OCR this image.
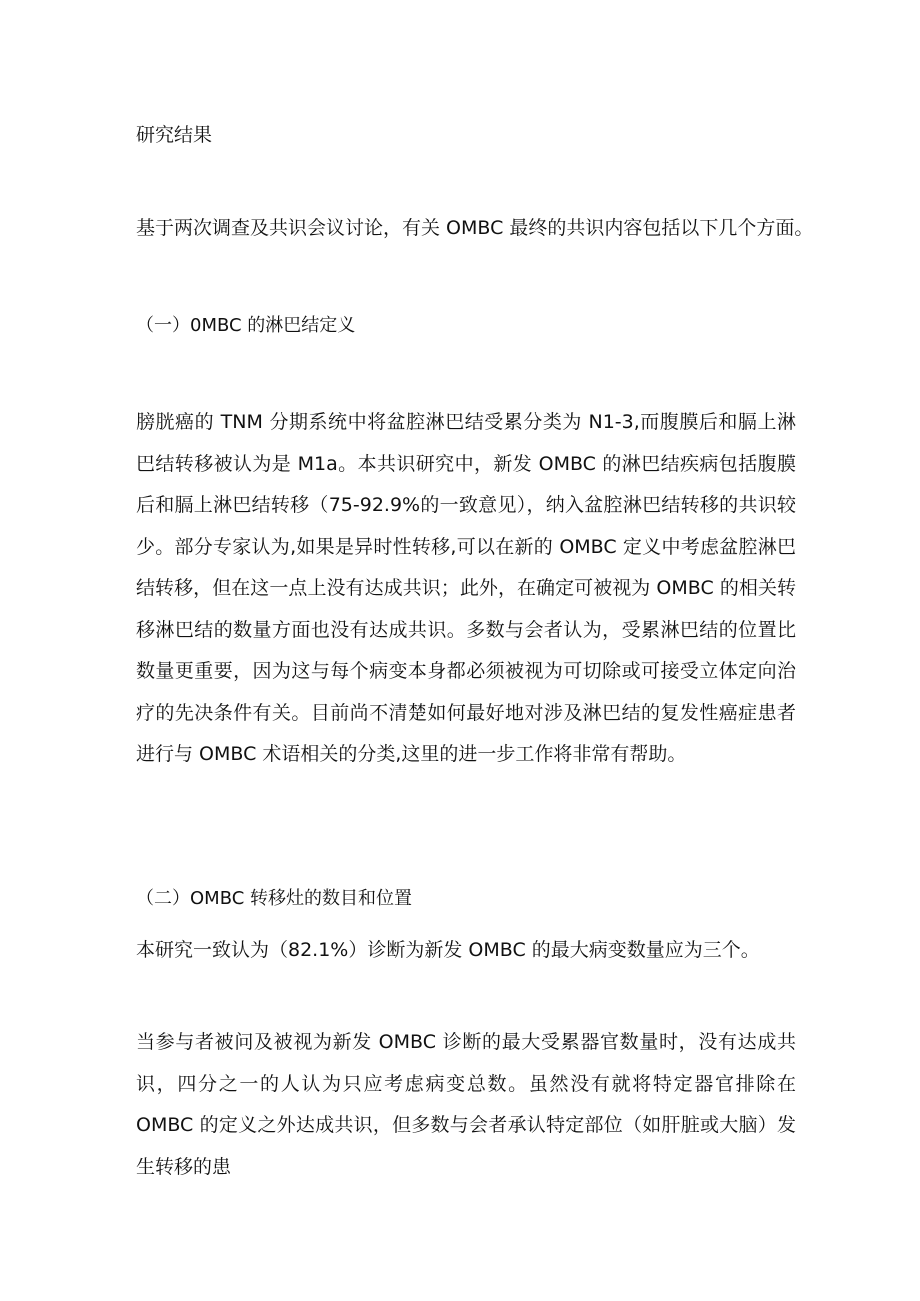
研究结果

基于两次调查及共识会议讨论，有关 OMBC 最终的共识内容包括以下几个方面。

（一）0MBC 的淋巴结定义

膀胱癌的 TNM 分期系统中将盆腔淋巴结受累分类为 N1-3,而腹膜后和膈上淋巴结转移被认为是 M1a。本共识研究中，新发 OMBC 的淋巴结疾病包括腹膜后和膈上淋巴结转移（75-92.9%的一致意见），纳入盆腔淋巴结转移的共识较少。部分专家认为,如果是异时性转移,可以在新的 OMBC 定义中考虑盆腔淋巴结转移，但在这一点上没有达成共识；此外，在确定可被视为 OMBC 的相关转移淋巴结的数量方面也没有达成共识。多数与会者认为，受累淋巴结的位置比数量更重要，因为这与每个病变本身都必须被视为可切除或可接受立体定向治疗的先决条件有关。目前尚不清楚如何最好地对涉及淋巴结的复发性癌症患者进行与 OMBC 术语相关的分类,这里的进一步工作将非常有帮助。

（二）OMBC 转移灶的数目和位置

本研究一致认为（82.1%）诊断为新发 OMBC 的最大病变数量应为三个。

当参与者被问及被视为新发 OMBC 诊断的最大受累器官数量时，没有达成共识，四分之一的人认为只应考虑病变总数。虽然没有就将特定器官排除在 OMBC 的定义之外达成共识，但多数与会者承认特定部位（如肝脏或大脑）发生转移的患
